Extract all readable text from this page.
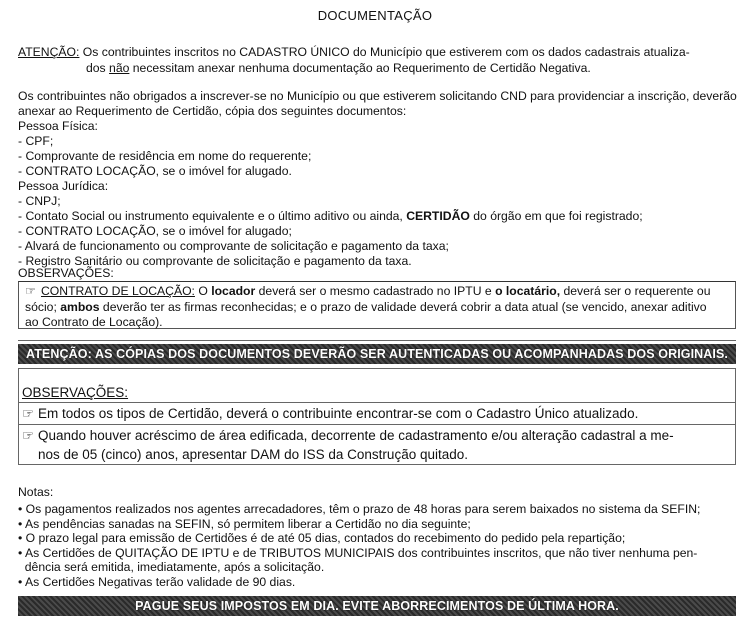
DOCUMENTAÇÃO
ATENÇÃO: Os contribuintes inscritos no CADASTRO ÚNICO do Município que estiverem com os dados cadastrais atualiza-
dos não necessitam anexar nenhuma documentação ao Requerimento de Certidão Negativa.
Os contribuintes não obrigados a inscrever-se no Município ou que estiverem solicitando CND para providenciar a inscrição, deverão
anexar ao Requerimento de Certidão, cópia dos seguintes documentos:
Pessoa Física:
- CPF;
- Comprovante de residência em nome do requerente;
- CONTRATO LOCAÇÃO, se o imóvel for alugado.
Pessoa Jurídica:
- CNPJ;
- Contato Social ou instrumento equivalente e o último aditivo ou ainda, CERTIDÃO do órgão em que foi registrado;
- CONTRATO LOCAÇÃO, se o imóvel for alugado;
- Alvará de funcionamento ou comprovante de solicitação e pagamento da taxa;
- Registro Sanitário ou comprovante de solicitação e pagamento da taxa.
OBSERVAÇÕES:
☞ CONTRATO DE LOCAÇÃO: O locador deverá ser o mesmo cadastrado no IPTU e o locatário, deverá ser o requerente ou
sócio; ambos deverão ter as firmas reconhecidas; e o prazo de validade deverá cobrir a data atual (se vencido, anexar aditivo
ao Contrato de Locação).
ATENÇÃO: AS CÓPIAS DOS DOCUMENTOS DEVERÃO SER AUTENTICADAS OU ACOMPANHADAS DOS ORIGINAIS.
OBSERVAÇÕES:
☞ Em todos os tipos de Certidão, deverá o contribuinte encontrar-se com o Cadastro Único atualizado.
☞ Quando houver acréscimo de área edificada, decorrente de cadastramento e/ou alteração cadastral a me-
nos de 05 (cinco) anos, apresentar DAM do ISS da Construção quitado.
Notas:
• Os pagamentos realizados nos agentes arrecadadores, têm o prazo de 48 horas para serem baixados no sistema da SEFIN;
• As pendências sanadas na SEFIN, só permitem liberar a Certidão no dia seguinte;
• O prazo legal para emissão de Certidões é de até 05 dias, contados do recebimento do pedido pela repartição;
• As Certidões de QUITAÇÃO DE IPTU e de TRIBUTOS MUNICIPAIS dos contribuintes inscritos, que não tiver nenhuma pen-
dência será emitida, imediatamente, após a solicitação.
• As Certidões Negativas terão validade de 90 dias.
PAGUE SEUS IMPOSTOS EM DIA. EVITE ABORRECIMENTOS DE ÚLTIMA HORA.
